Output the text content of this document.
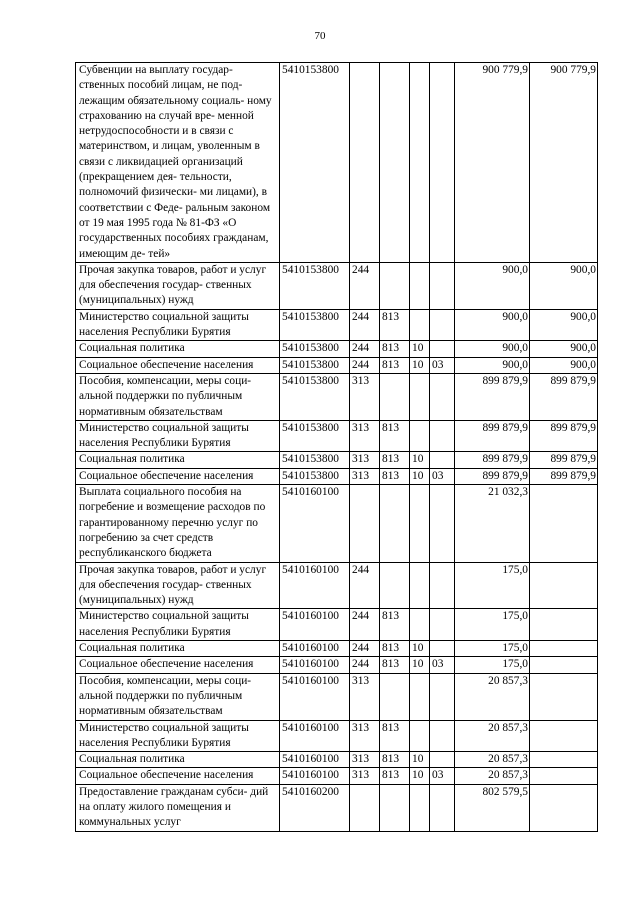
70
Субвенции на выплату государ- ственных пособий лицам, не под- лежащим обязательному социаль- ному страхованию на случай вре- менной нетрудоспособности и в связи с материнством, и лицам, уволенным в связи с ликвидацией организаций (прекращением дея- тельности, полномочий физически- ми лицами), в соответствии с Феде- ральным законом от 19 мая 1995 года № 81-ФЗ «О государственных пособиях гражданам, имеющим де- тей»	5410153800					900 779,9	900 779,9
Прочая закупка товаров, работ и услуг для обеспечения государ- ственных (муниципальных) нужд	5410153800	244				900,0	900,0
Министерство социальной защиты населения Республики Бурятия	5410153800	244	813			900,0	900,0
Социальная политика	5410153800	244	813	10		900,0	900,0
Социальное обеспечение населения	5410153800	244	813	10	03	900,0	900,0
Пособия, компенсации, меры соци- альной поддержки по публичным нормативным обязательствам	5410153800	313				899 879,9	899 879,9
Министерство социальной защиты населения Республики Бурятия	5410153800	313	813			899 879,9	899 879,9
Социальная политика	5410153800	313	813	10		899 879,9	899 879,9
Социальное обеспечение населения	5410153800	313	813	10	03	899 879,9	899 879,9
Выплата социального пособия на погребение и возмещение расходов по гарантированному перечню услуг по погребению за счет средств республиканского бюджета	5410160100					21 032,3	
Прочая закупка товаров, работ и услуг для обеспечения государ- ственных (муниципальных) нужд	5410160100	244				175,0	
Министерство социальной защиты населения Республики Бурятия	5410160100	244	813			175,0	
Социальная политика	5410160100	244	813	10		175,0	
Социальное обеспечение населения	5410160100	244	813	10	03	175,0	
Пособия, компенсации, меры соци- альной поддержки по публичным нормативным обязательствам	5410160100	313				20 857,3	
Министерство социальной защиты населения Республики Бурятия	5410160100	313	813			20 857,3	
Социальная политика	5410160100	313	813	10		20 857,3	
Социальное обеспечение населения	5410160100	313	813	10	03	20 857,3	
Предоставление гражданам субси- дий на оплату жилого помещения и коммунальных услуг	5410160200					802 579,5	
